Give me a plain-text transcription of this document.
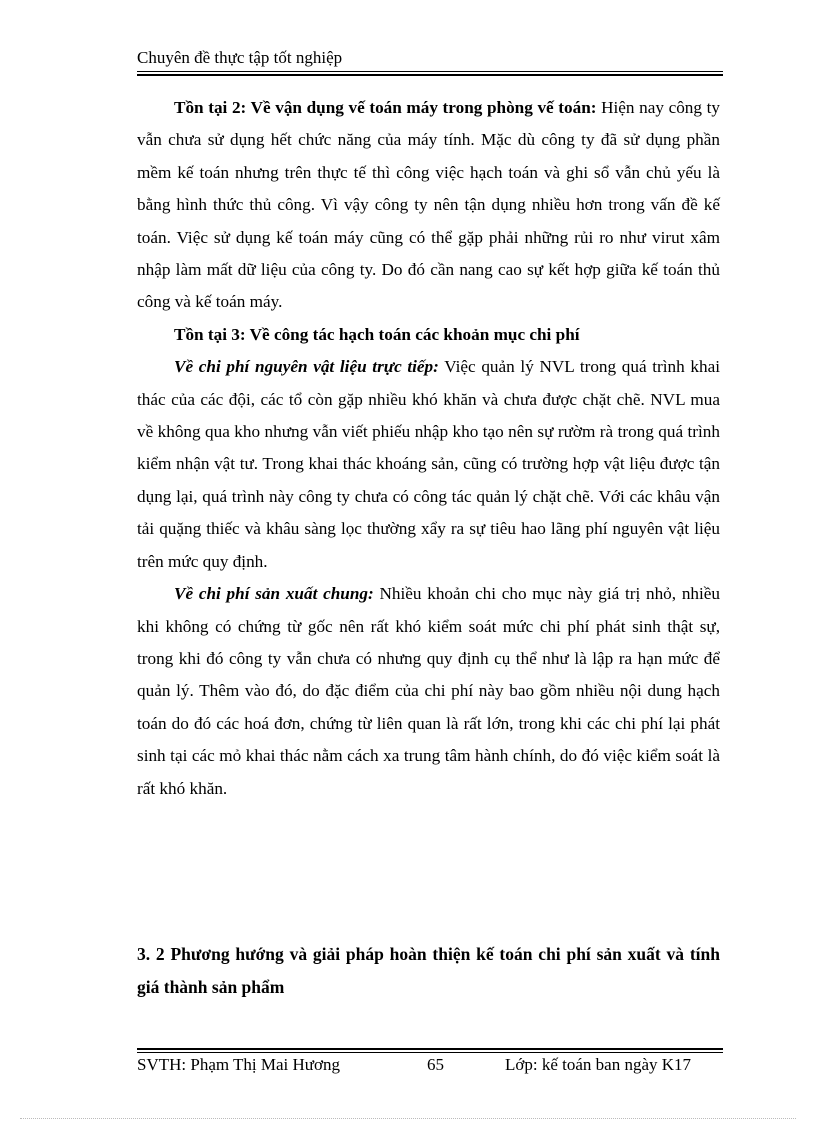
Chuyên đề thực tập tốt nghiệp

Tồn tại 2: Về vận dụng vế toán máy trong phòng vế toán: Hiện nay công ty vẫn chưa sử dụng hết chức năng của máy tính. Mặc dù công ty đã sử dụng phần mềm kế toán nhưng trên thực tế thì công việc hạch toán và ghi sổ vẫn chủ yếu là bằng hình thức thủ công. Vì vậy công ty nên tận dụng nhiều hơn trong vấn đề kế toán. Việc sử dụng kế toán máy cũng có thể gặp phải những rủi ro như virut xâm nhập làm mất dữ liệu của công ty. Do đó cần nang cao sự kết hợp giữa kế toán thủ công và kế toán máy.

Tồn tại 3: Về công tác hạch toán các khoản mục chi phí

Về chi phí nguyên vật liệu trực tiếp: Việc quản lý NVL trong quá trình khai thác của các đội, các tổ còn gặp nhiều khó khăn và chưa được chặt chẽ. NVL mua về không qua kho nhưng vẫn viết phiếu nhập kho tạo nên sự rườm rà trong quá trình kiểm nhận vật tư. Trong khai thác khoáng sản, cũng có trường hợp vật liệu được tận dụng lại, quá trình này công ty chưa có công tác quản lý chặt chẽ. Với các khâu vận tải quặng thiếc và khâu sàng lọc thường xẩy ra sự tiêu hao lãng phí nguyên vật liệu trên mức quy định.

Về chi phí sản xuất chung: Nhiều khoản chi cho mục này giá trị nhỏ, nhiều khi không có chứng từ gốc nên rất khó kiểm soát mức chi phí phát sinh thật sự, trong khi đó công ty vẫn chưa có nhưng quy định cụ thể như là lập ra hạn mức để quản lý. Thêm vào đó, do đặc điểm của chi phí này bao gồm nhiều nội dung hạch toán do đó các hoá đơn, chứng từ liên quan là rất lớn, trong khi các chi phí lại phát sinh tại các mỏ khai thác nằm cách xa trung tâm hành chính, do đó việc kiểm soát là rất khó khăn.

3. 2 Phương hướng và giải pháp hoàn thiện kế toán chi phí sản xuất và tính giá thành sản phẩm
SVTH: Phạm Thị Mai Hương	65	Lớp: kế toán ban ngày K17
